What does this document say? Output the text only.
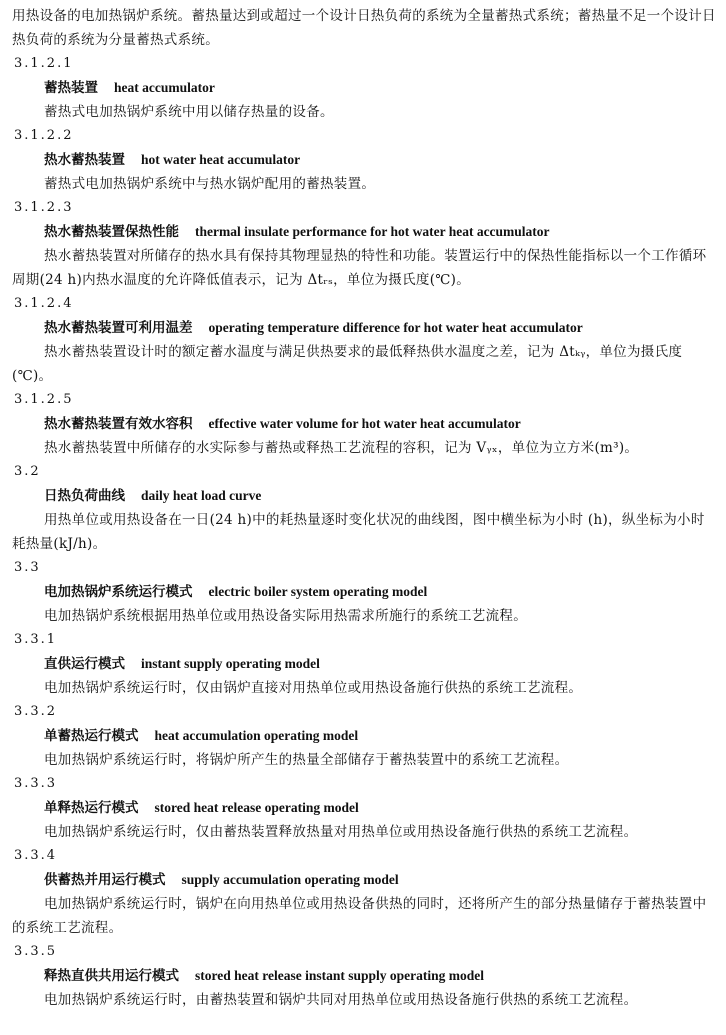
用热设备的电加热锅炉系统。蓄热量达到或超过一个设计日热负荷的系统为全量蓄热式系统；蓄热量不足一个设计日热负荷的系统为分量蓄热式系统。

3.1.2.1

蓄热装置 heat accumulator

蓄热式电加热锅炉系统中用以储存热量的设备。

3.1.2.2

热水蓄热装置 hot water heat accumulator

蓄热式电加热锅炉系统中与热水锅炉配用的蓄热装置。

3.1.2.3

热水蓄热装置保热性能 thermal insulate performance for hot water heat accumulator

热水蓄热装置对所储存的热水具有保持其物理显热的特性和功能。装置运行中的保热性能指标以一个工作循环周期(24 h)内热水温度的允许降低值表示，记为 Δtᵣₛ，单位为摄氏度(℃)。

3.1.2.4

热水蓄热装置可利用温差 operating temperature difference for hot water heat accumulator

热水蓄热装置设计时的额定蓄水温度与满足供热要求的最低释热供水温度之差，记为 Δtₖᵧ，单位为摄氏度(℃)。

3.1.2.5

热水蓄热装置有效水容积 effective water volume for hot water heat accumulator

热水蓄热装置中所储存的水实际参与蓄热或释热工艺流程的容积，记为 Vᵧₓ，单位为立方米(m³)。

3.2

日热负荷曲线 daily heat load curve

用热单位或用热设备在一日(24 h)中的耗热量逐时变化状况的曲线图，图中横坐标为小时 (h)，纵坐标为小时耗热量(kJ/h)。

3.3

电加热锅炉系统运行模式 electric boiler system operating model

电加热锅炉系统根据用热单位或用热设备实际用热需求所施行的系统工艺流程。

3.3.1

直供运行模式 instant supply operating model

电加热锅炉系统运行时，仅由锅炉直接对用热单位或用热设备施行供热的系统工艺流程。

3.3.2

单蓄热运行模式 heat accumulation operating model

电加热锅炉系统运行时，将锅炉所产生的热量全部储存于蓄热装置中的系统工艺流程。

3.3.3

单释热运行模式 stored heat release operating model

电加热锅炉系统运行时，仅由蓄热装置释放热量对用热单位或用热设备施行供热的系统工艺流程。

3.3.4

供蓄热并用运行模式 supply accumulation operating model

电加热锅炉系统运行时，锅炉在向用热单位或用热设备供热的同时，还将所产生的部分热量储存于蓄热装置中的系统工艺流程。

3.3.5

释热直供共用运行模式 stored heat release instant supply operating model

电加热锅炉系统运行时，由蓄热装置和锅炉共同对用热单位或用热设备施行供热的系统工艺流程。
